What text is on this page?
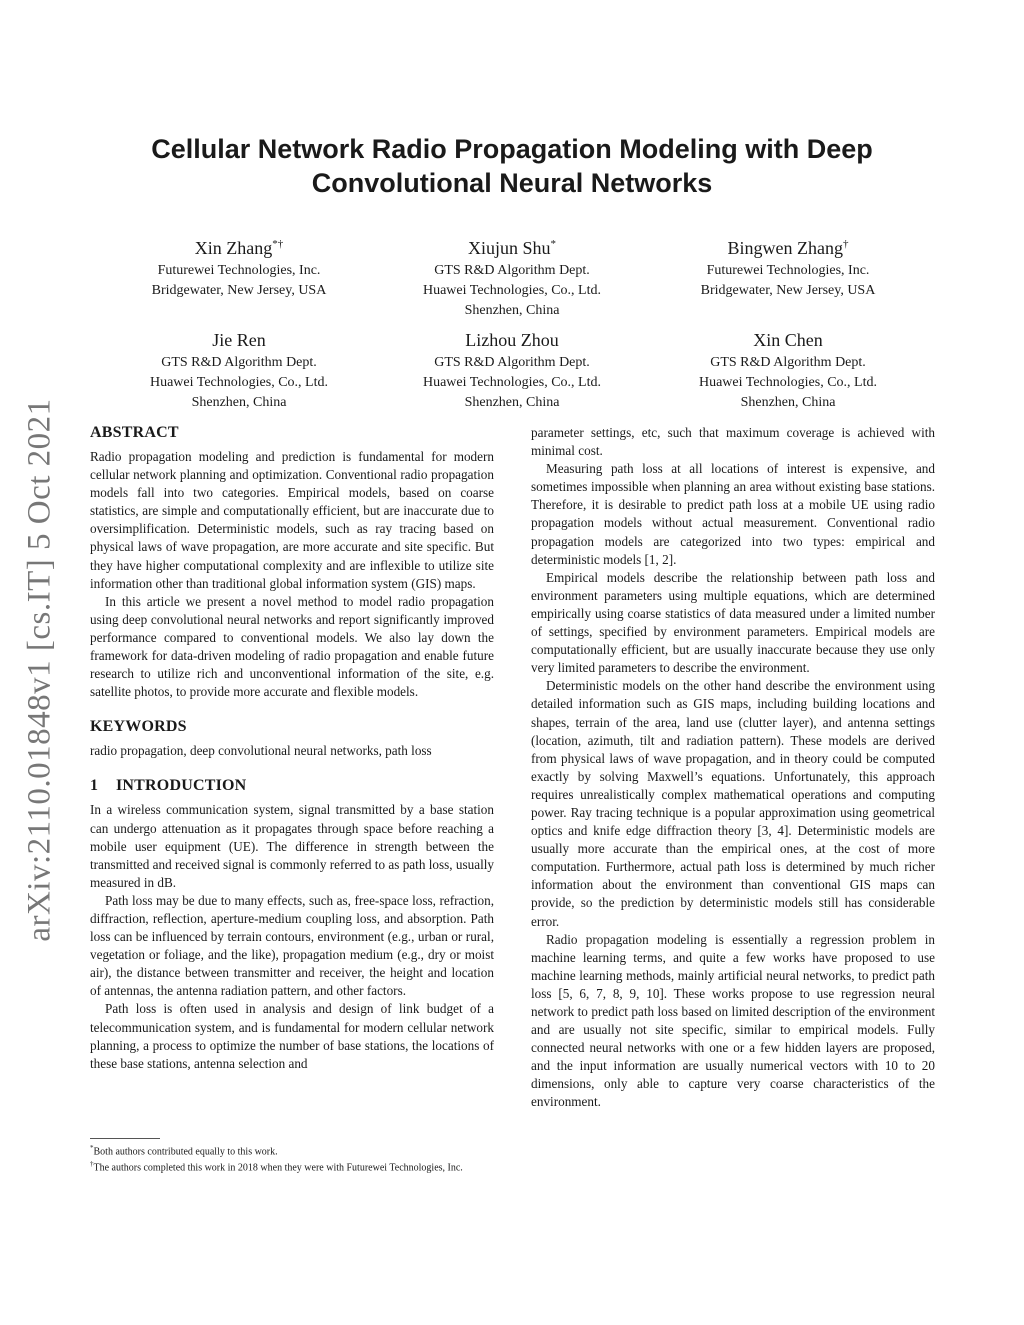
arXiv:2110.01848v1 [cs.IT] 5 Oct 2021
Cellular Network Radio Propagation Modeling with Deep
Convolutional Neural Networks
Xin Zhang*†
Futurewei Technologies, Inc.
Bridgewater, New Jersey, USA
Xiujun Shu*
GTS R&D Algorithm Dept.
Huawei Technologies, Co., Ltd.
Shenzhen, China
Bingwen Zhang†
Futurewei Technologies, Inc.
Bridgewater, New Jersey, USA
Jie Ren
GTS R&D Algorithm Dept.
Huawei Technologies, Co., Ltd.
Shenzhen, China
Lizhou Zhou
GTS R&D Algorithm Dept.
Huawei Technologies, Co., Ltd.
Shenzhen, China
Xin Chen
GTS R&D Algorithm Dept.
Huawei Technologies, Co., Ltd.
Shenzhen, China
ABSTRACT

Radio propagation modeling and prediction is fundamental for modern cellular network planning and optimization. Conventional radio propagation models fall into two categories. Empirical models, based on coarse statistics, are simple and computationally efficient, but are inaccurate due to oversimplification. Deterministic models, such as ray tracing based on physical laws of wave propagation, are more accurate and site specific. But they have higher computational complexity and are inflexible to utilize site information other than traditional global information system (GIS) maps.

In this article we present a novel method to model radio propagation using deep convolutional neural networks and report significantly improved performance compared to conventional models. We also lay down the framework for data-driven modeling of radio propagation and enable future research to utilize rich and unconventional information of the site, e.g. satellite photos, to provide more accurate and flexible models.

KEYWORDS

radio propagation, deep convolutional neural networks, path loss

1 INTRODUCTION

In a wireless communication system, signal transmitted by a base station can undergo attenuation as it propagates through space before reaching a mobile user equipment (UE). The difference in strength between the transmitted and received signal is commonly referred to as path loss, usually measured in dB.

Path loss may be due to many effects, such as, free-space loss, refraction, diffraction, reflection, aperture-medium coupling loss, and absorption. Path loss can be influenced by terrain contours, environment (e.g., urban or rural, vegetation or foliage, and the like), propagation medium (e.g., dry or moist air), the distance between transmitter and receiver, the height and location of antennas, the antenna radiation pattern, and other factors.

Path loss is often used in analysis and design of link budget of a telecommunication system, and is fundamental for modern cellular network planning, a process to optimize the number of base stations, the locations of these base stations, antenna selection and

parameter settings, etc, such that maximum coverage is achieved with minimal cost.

Measuring path loss at all locations of interest is expensive, and sometimes impossible when planning an area without existing base stations. Therefore, it is desirable to predict path loss at a mobile UE using radio propagation models without actual measurement. Conventional radio propagation models are categorized into two types: empirical and deterministic models [1, 2].

Empirical models describe the relationship between path loss and environment parameters using multiple equations, which are determined empirically using coarse statistics of data measured under a limited number of settings, specified by environment parameters. Empirical models are computationally efficient, but are usually inaccurate because they use only very limited parameters to describe the environment.

Deterministic models on the other hand describe the environment using detailed information such as GIS maps, including building locations and shapes, terrain of the area, land use (clutter layer), and antenna settings (location, azimuth, tilt and radiation pattern). These models are derived from physical laws of wave propagation, and in theory could be computed exactly by solving Maxwell’s equations. Unfortunately, this approach requires unrealistically complex mathematical operations and computing power. Ray tracing technique is a popular approximation using geometrical optics and knife edge diffraction theory [3, 4]. Deterministic models are usually more accurate than the empirical ones, at the cost of more computation. Furthermore, actual path loss is determined by much richer information about the environment than conventional GIS maps can provide, so the prediction by deterministic models still has considerable error.

Radio propagation modeling is essentially a regression problem in machine learning terms, and quite a few works have proposed to use machine learning methods, mainly artificial neural networks, to predict path loss [5, 6, 7, 8, 9, 10]. These works propose to use regression neural network to predict path loss based on limited description of the environment and are usually not site specific, similar to empirical models. Fully connected neural networks with one or a few hidden layers are proposed, and the input information are usually numerical vectors with 10 to 20 dimensions, only able to capture very coarse characteristics of the environment.

*Both authors contributed equally to this work.

†The authors completed this work in 2018 when they were with Futurewei Technologies, Inc.
